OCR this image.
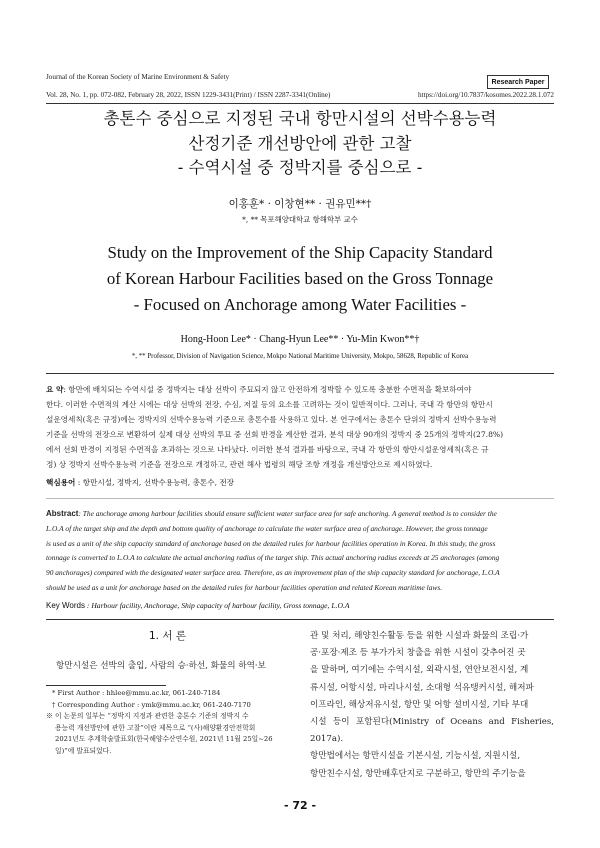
Journal of the Korean Society of Marine Environment & Safety
Research Paper
Vol. 28, No. 1, pp. 072-082, February 28, 2022, ISSN 1229-3431(Print) / ISSN 2287-3341(Online)	https://doi.org/10.7837/kosomes.2022.28.1.072
총톤수 중심으로 지정된 국내 항만시설의 선박수용능력
산정기준 개선방안에 관한 고찰
- 수역시설 중 정박지를 중심으로 -
이홍훈* · 이창현** · 권유민**†
*, ** 목포해양대학교 항해학부 교수
Study on the Improvement of the Ship Capacity Standard
of Korean Harbour Facilities based on the Gross Tonnage
- Focused on Anchorage among Water Facilities -
Hong-Hoon Lee* · Chang-Hyun Lee** · Yu-Min Kwon**†
*, ** Professor, Division of Navigation Science, Mokpo National Maritime University, Mokpo, 58628, Republic of Korea
요 약: 항만에 배치되는 수역시설 중 정박지는 대상 선박이 주묘되지 않고 안전하게 정박할 수 있도록 충분한 수면적을 확보하여야
한다. 이러한 수면적의 계산 시에는 대상 선박의 전장, 수심, 저질 등의 요소를 고려하는 것이 일반적이다. 그러나, 국내 각 항만의 항만시
설운영세칙(혹은 규정)에는 정박지의 선박수용능력 기준으로 총톤수를 사용하고 있다. 본 연구에서는 총톤수 단위의 정박지 선박수용능력
기준을 선박의 전장으로 변환하여 실제 대상 선박의 투묘 중 선회 반경을 계산한 결과, 분석 대상 90개의 정박지 중 25개의 정박지(27.8%)
에서 선회 반경이 지정된 수면적을 초과하는 것으로 나타났다. 이러한 분석 결과를 바탕으로, 국내 각 항만의 항만시설운영세칙(혹은 규
정) 상 정박지 선박수용능력 기준을 전장으로 개정하고, 관련 해사 법령의 해당 조항 개정을 개선방안으로 제시하였다.
핵심용어 : 항만시설, 정박지, 선박수용능력, 총톤수, 전장
Abstract: The anchorage among harbour facilities should ensure sufficient water surface area for safe anchoring. A general method is to consider the
L.O.A of the target ship and the depth and bottom quality of anchorage to calculate the water surface area of anchorage. However, the gross tonnage
is used as a unit of the ship capacity standard of anchorage based on the detailed rules for harbour facilities operation in Korea. In this study, the gross
tonnage is converted to L.O.A to calculate the actual anchoring radius of the target ship. This actual anchoring radius exceeds at 25 anchorages (among
90 anchorages) compared with the designated water surface area. Therefore, as an improvement plan of the ship capacity standard for anchorage, L.O.A
should be used as a unit for anchorage based on the detailed rules for harbour facilities operation and related Korean maritime laws.
Key Words : Harbour facility, Anchorage, Ship capacity of harbour facility, Gross tonnage, L.O.A
1. 서 론
항만시설은 선박의 출입, 사람의 승·하선, 화물의 하역·보
관 및 처리, 해양친수활동 등을 위한 시설과 화물의 조립·가
공·포장·제조 등 부가가치 창출을 위한 시설이 갖추어진 곳
을 말하며, 여기에는 수역시설, 외곽시설, 연안보전시설, 계
류시설, 어항시설, 마리나시설, 소대형 석유탱커시설, 해저파
이프라인, 해상저유시설, 항만 및 어항 설비시설, 기타 부대
시설 등이 포함된다(Ministry of Oceans and Fisheries, 2017a).
항만법에서는 항만시설을 기본시설, 기능시설, 지원시설,
항만친수시설, 항만배후단지로 구분하고, 항만의 주기능을
* First Author : hhlee@mmu.ac.kr, 061-240-7184
† Corresponding Author : ymk@mmu.ac.kr, 061-240-7170
※ 이 논문의 일부는 “정박지 지정과 관련한 총톤수 기준의 정박지 수
용능력 개선방안에 관한 고찰”이란 제목으로 “(사)해양환경안전학회
2021년도 추계학술발표회(한국해양수산연수원, 2021년 11월 25일~26
일)”에 발표되었다.
- 72 -
